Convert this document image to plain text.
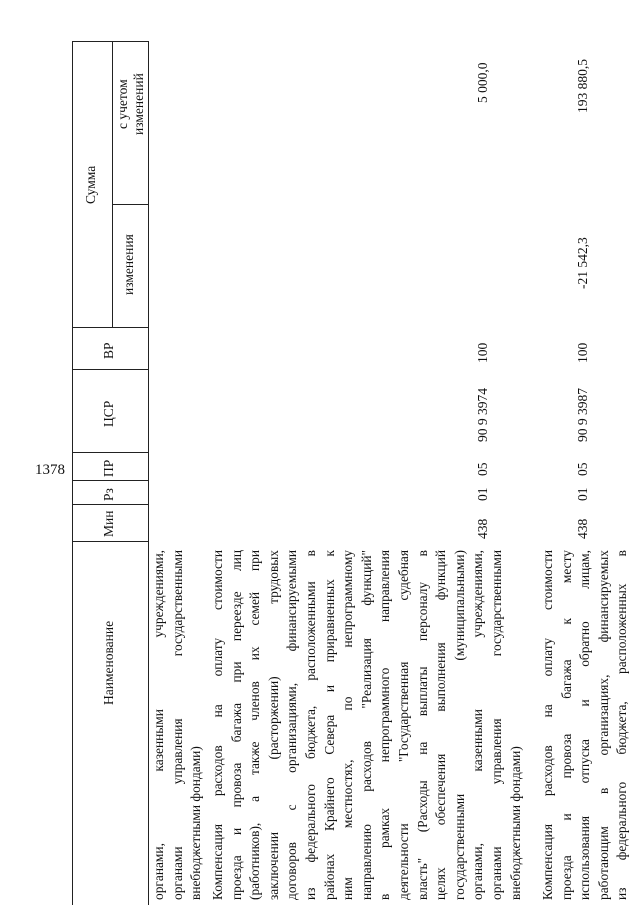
1378
Наименование
Мин
Рз
ПР
ЦСР
ВР
Сумма
изменения
с учетом изменений
органами, казенными учреждениями, органами управления государственными внебюджетными фондами) Компенсация расходов на оплату стоимости проезда и провоза багажа при переезде лиц (работников), а также членов их семей при заключении (расторжении) трудовых договоров с организациями, финансируемыми из федерального бюджета, расположенными в районах Крайнего Севера и приравненных к ним местностях, по непрограммному направлению расходов "Реализация функций" в рамках непрограммного направления деятельности "Государственная судебная власть" (Расходы на выплаты персоналу в целях обеспечения выполнения функций государственными (муниципальными) органами, казенными учреждениями, органами управления государственными внебюджетными фондами)
438
01
05
90 9 3974
100
5 000,0
Компенсация расходов на оплату стоимости проезда и провоза багажа к месту использования отпуска и обратно лицам, работающим в организациях, финансируемых из федерального бюджета, расположенных в
438
01
05
90 9 3987
100
-21 542,3
193 880,5
